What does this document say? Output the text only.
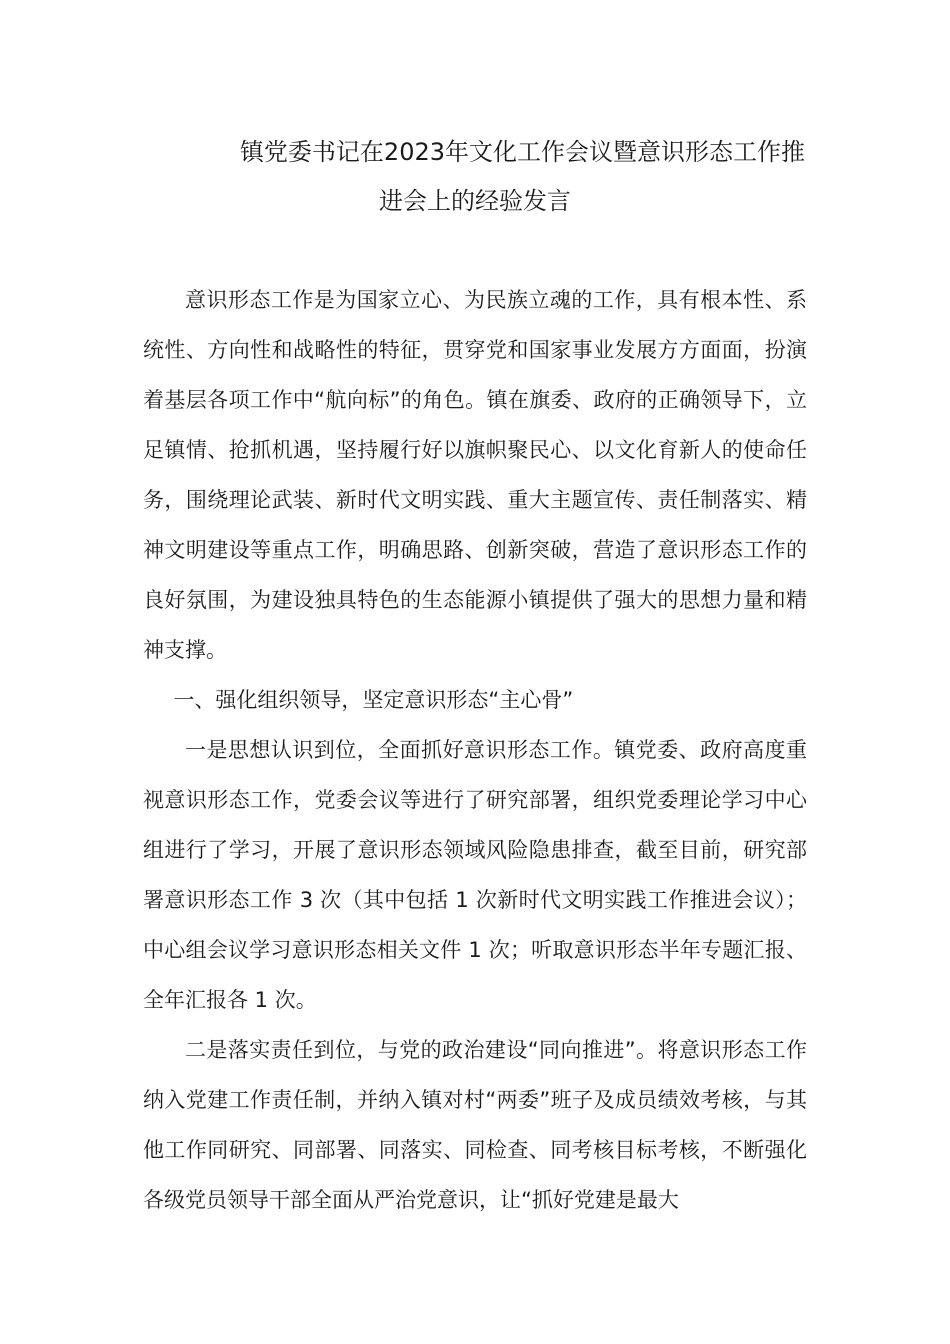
镇党委书记在2023年文化工作会议暨意识形态工作推
进会上的经验发言

意识形态工作是为国家立心、为民族立魂的工作，具有根本性、系统性、方向性和战略性的特征，贯穿党和国家事业发展方方面面，扮演着基层各项工作中“航向标”的角色。镇在旗委、政府的正确领导下，立足镇情、抢抓机遇，坚持履行好以旗帜聚民心、以文化育新人的使命任务，围绕理论武装、新时代文明实践、重大主题宣传、责任制落实、精神文明建设等重点工作，明确思路、创新突破，营造了意识形态工作的良好氛围，为建设独具特色的生态能源小镇提供了强大的思想力量和精神支撑。

一、强化组织领导，坚定意识形态“主心骨”

一是思想认识到位，全面抓好意识形态工作。镇党委、政府高度重视意识形态工作，党委会议等进行了研究部署，组织党委理论学习中心组进行了学习，开展了意识形态领域风险隐患排查，截至目前，研究部署意识形态工作 3 次（其中包括 1 次新时代文明实践工作推进会议）；中心组会议学习意识形态相关文件 1 次；听取意识形态半年专题汇报、全年汇报各 1 次。

二是落实责任到位，与党的政治建设“同向推进”。将意识形态工作纳入党建工作责任制，并纳入镇对村“两委”班子及成员绩效考核，与其他工作同研究、同部署、同落实、同检查、同考核目标考核，不断强化各级党员领导干部全面从严治党意识，让“抓好党建是最大
